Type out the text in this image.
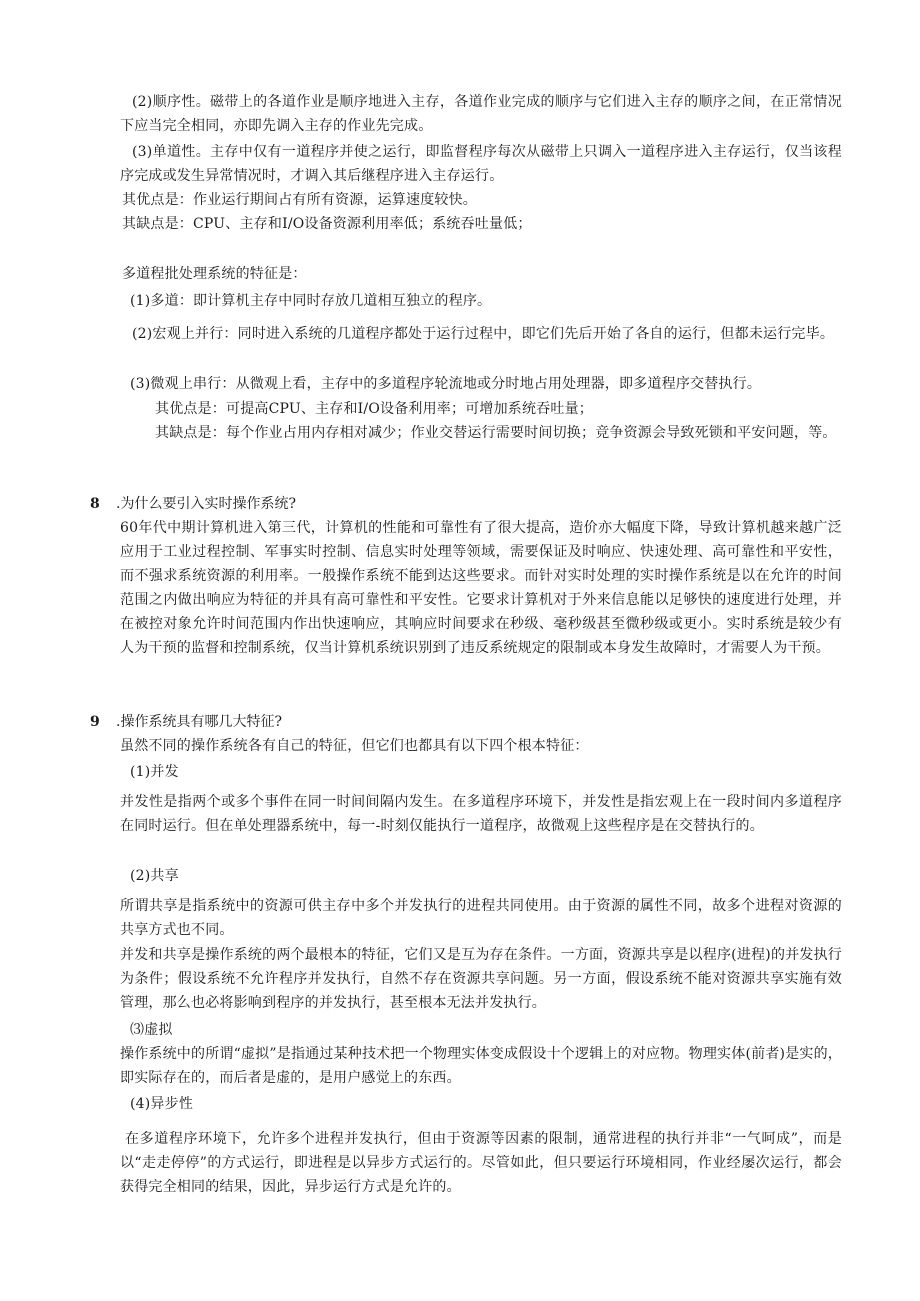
(2)顺序性。磁带上的各道作业是顺序地进入主存，各道作业完成的顺序与它们进入主存的顺序之间，在正常情况下应当完全相同，亦即先调入主存的作业先完成。
(3)单道性。主存中仅有一道程序并使之运行，即监督程序每次从磁带上只调入一道程序进入主存运行，仅当该程序完成或发生异常情况时，才调入其后继程序进入主存运行。
其优点是：作业运行期间占有所有资源，运算速度较快。
其缺点是：CPU、主存和I/O设备资源利用率低；系统吞吐量低；
多道程批处理系统的特征是：
(1)多道：即计算机主存中同时存放几道相互独立的程序。
(2)宏观上并行：同时进入系统的几道程序都处于运行过程中，即它们先后开始了各自的运行，但都未运行完毕。
(3)微观上串行：从微观上看，主存中的多道程序轮流地或分时地占用处理器，即多道程序交替执行。
其优点是：可提高CPU、主存和I/O设备利用率；可增加系统吞吐量；
其缺点是：每个作业占用内存相对减少；作业交替运行需要时间切换；竞争资源会导致死锁和平安问题，等。
8 .为什么要引入实时操作系统?
60年代中期计算机进入第三代，计算机的性能和可靠性有了很大提高，造价亦大幅度下降，导致计算机越来越广泛应用于工业过程控制、军事实时控制、信息实时处理等领域，需要保证及时响应、快速处理、高可靠性和平安性，而不强求系统资源的利用率。一般操作系统不能到达这些要求。而针对实时处理的实时操作系统是以在允许的时间范围之内做出响应为特征的并具有高可靠性和平安性。它要求计算机对于外来信息能以足够快的速度进行处理，并在被控对象允许时间范围内作出快速响应，其响应时间要求在秒级、毫秒级甚至微秒级或更小。实时系统是较少有人为干预的监督和控制系统，仅当计算机系统识别到了违反系统规定的限制或本身发生故障时，才需要人为干预。
9 .操作系统具有哪几大特征?
虽然不同的操作系统各有自己的特征，但它们也都具有以下四个根本特征：
(1)并发
并发性是指两个或多个事件在同一时间间隔内发生。在多道程序环境下，并发性是指宏观上在一段时间内多道程序在同时运行。但在单处理器系统中，每一-时刻仅能执行一道程序，故微观上这些程序是在交替执行的。
(2)共享
所谓共享是指系统中的资源可供主存中多个并发执行的进程共同使用。由于资源的属性不同，故多个进程对资源的共享方式也不同。
并发和共享是操作系统的两个最根本的特征，它们又是互为存在条件。一方面，资源共享是以程序(进程)的并发执行为条件；假设系统不允许程序并发执行，自然不存在资源共享问题。另一方面，假设系统不能对资源共享实施有效管理，那么也必将影响到程序的并发执行，甚至根本无法并发执行。
⑶虚拟
操作系统中的所谓“虚拟”是指通过某种技术把一个物理实体变成假设十个逻辑上的对应物。物理实体(前者)是实的，即实际存在的，而后者是虚的，是用户感觉上的东西。
(4)异步性
在多道程序环境下，允许多个进程并发执行，但由于资源等因素的限制，通常进程的执行并非“一气呵成”，而是以“走走停停”的方式运行，即进程是以异步方式运行的。尽管如此，但只要运行环境相同，作业经屡次运行，都会获得完全相同的结果，因此，异步运行方式是允许的。
